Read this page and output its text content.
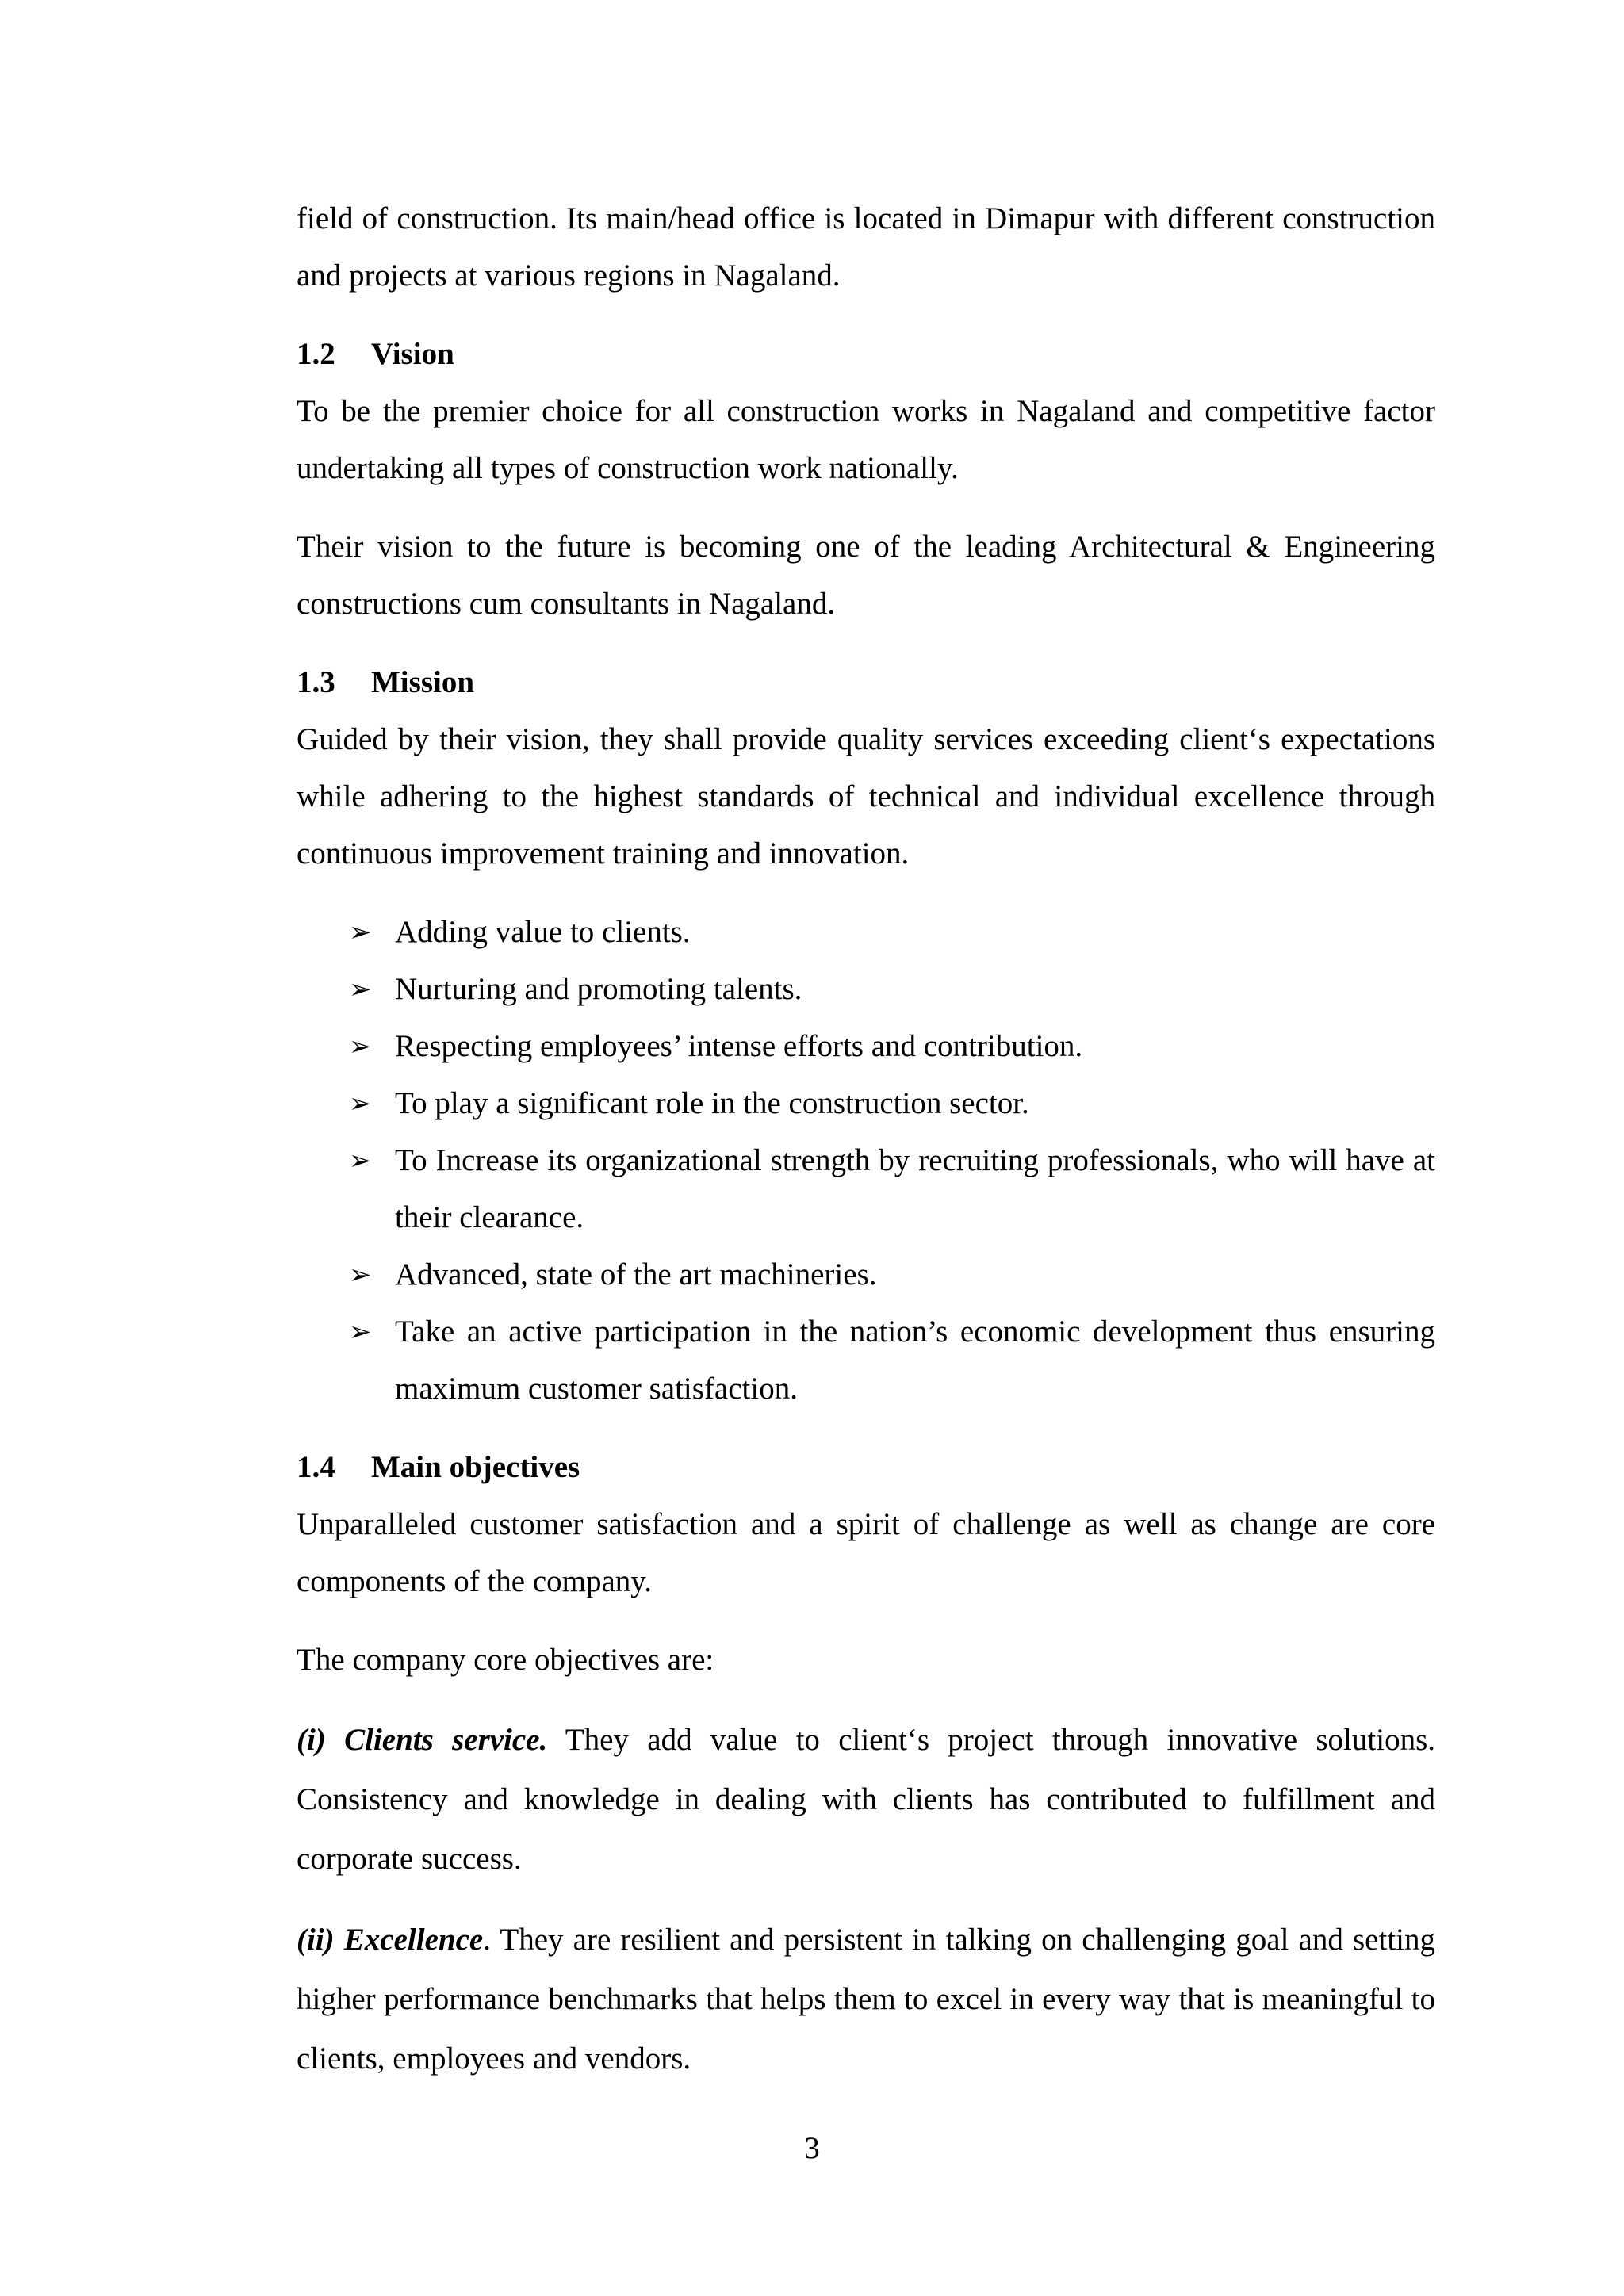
field of construction. Its main/head office is located in Dimapur with different construction and projects at various regions in Nagaland.

1.2 Vision

To be the premier choice for all construction works in Nagaland and competitive factor undertaking all types of construction work nationally.

Their vision to the future is becoming one of the leading Architectural & Engineering constructions cum consultants in Nagaland.

1.3 Mission

Guided by their vision, they shall provide quality services exceeding client‘s expectations while adhering to the highest standards of technical and individual excellence through continuous improvement training and innovation.

➢ Adding value to clients.
➢ Nurturing and promoting talents.
➢ Respecting employees’ intense efforts and contribution.
➢ To play a significant role in the construction sector.
➢ To Increase its organizational strength by recruiting professionals, who will have at their clearance.
➢ Advanced, state of the art machineries.
➢ Take an active participation in the nation’s economic development thus ensuring maximum customer satisfaction.
1.4 Main objectives

Unparalleled customer satisfaction and a spirit of challenge as well as change are core components of the company.

The company core objectives are:

(i) Clients service. They add value to client‘s project through innovative solutions. Consistency and knowledge in dealing with clients has contributed to fulfillment and corporate success.

(ii) Excellence. They are resilient and persistent in talking on challenging goal and setting higher performance benchmarks that helps them to excel in every way that is meaningful to clients, employees and vendors.

3
